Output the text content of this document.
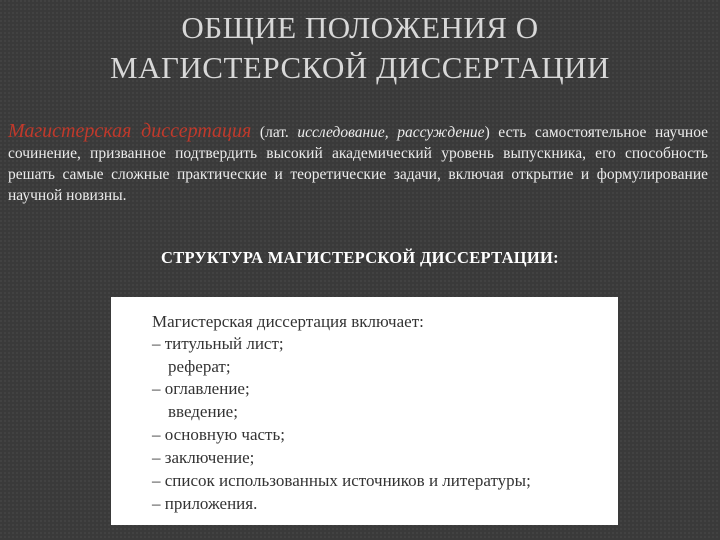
ОБЩИЕ ПОЛОЖЕНИЯ О
МАГИСТЕРСКОЙ ДИССЕРТАЦИИ
Магистерская диссертация (лат. исследование, рассуждение) есть самостоятельное научное сочинение, призванное подтвердить высокий академический уровень выпускника, его способность решать самые сложные практические и теоретические задачи, включая открытие и формулирование научной новизны.
СТРУКТУРА МАГИСТЕРСКОЙ ДИССЕРТАЦИИ:
Магистерская диссертация включает:
– титульный лист;
реферат;
– оглавление;
введение;
– основную часть;
– заключение;
– список использованных источников и литературы;
– приложения.
